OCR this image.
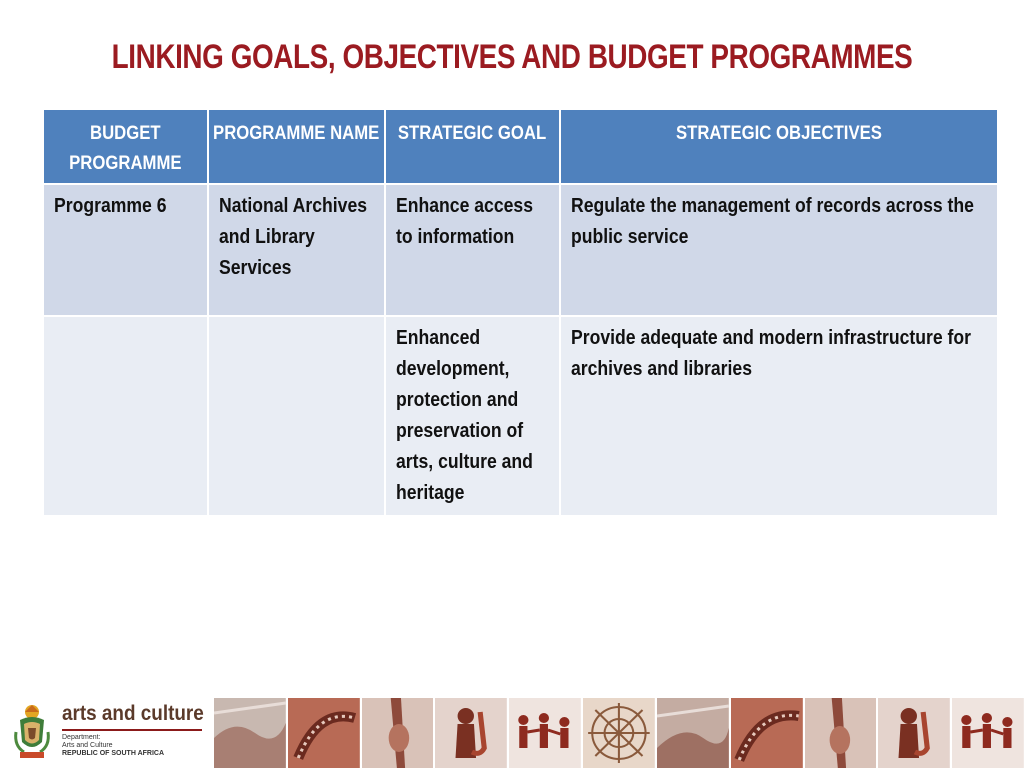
LINKING GOALS, OBJECTIVES AND BUDGET PROGRAMMES
BUDGET PROGRAMME	PROGRAMME NAME	STRATEGIC GOAL	STRATEGIC OBJECTIVES
Programme 6	National Archives and Library Services	Enhance access to information	Regulate the management of records across the public service
		Enhanced development, protection and preservation of arts, culture and heritage	Provide adequate and modern infrastructure for archives and libraries
arts and culture
Department:
Arts and Culture
REPUBLIC OF SOUTH AFRICA
